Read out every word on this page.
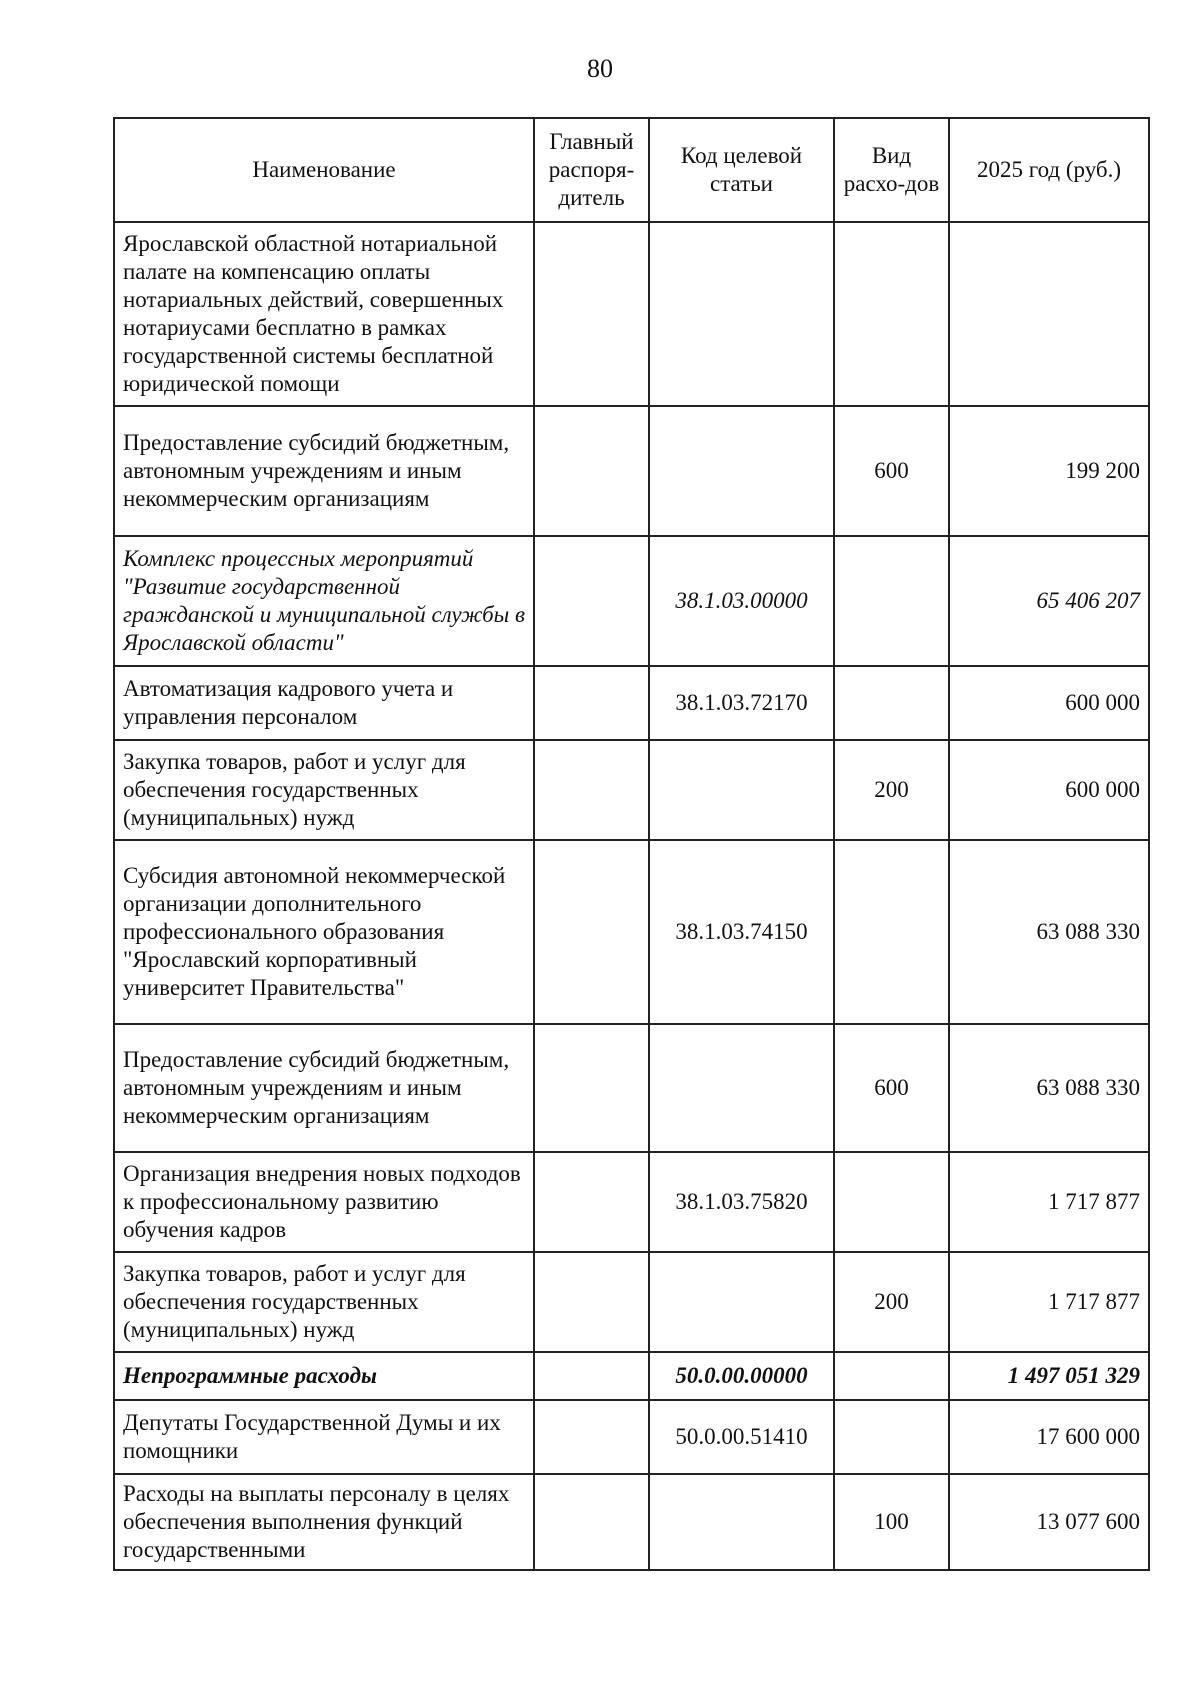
80
Наименование	Главный распоря-дитель	Код целевой статьи	Вид расхо-дов	2025 год (руб.)
Ярославской областной нотариальной палате на компенсацию оплаты нотариальных действий, совершенных нотариусами бесплатно в рамках государственной системы бесплатной юридической помощи				
Предоставление субсидий бюджетным, автономным учреждениям и иным некоммерческим организациям			600	199 200
Комплекс процессных мероприятий "Развитие государственной гражданской и муниципальной службы в Ярославской области"		38.1.03.00000		65 406 207
Автоматизация кадрового учета и управления персоналом		38.1.03.72170		600 000
Закупка товаров, работ и услуг для обеспечения государственных (муниципальных) нужд			200	600 000
Субсидия автономной некоммерческой организации дополнительного профессионального образования "Ярославский корпоративный университет Правительства"		38.1.03.74150		63 088 330
Предоставление субсидий бюджетным, автономным учреждениям и иным некоммерческим организациям			600	63 088 330
Организация внедрения новых подходов к профессиональному развитию обучения кадров		38.1.03.75820		1 717 877
Закупка товаров, работ и услуг для обеспечения государственных (муниципальных) нужд			200	1 717 877
Непрограммные расходы		50.0.00.00000		1 497 051 329
Депутаты Государственной Думы и их помощники		50.0.00.51410		17 600 000
Расходы на выплаты персоналу в целях обеспечения выполнения функций государственными			100	13 077 600
